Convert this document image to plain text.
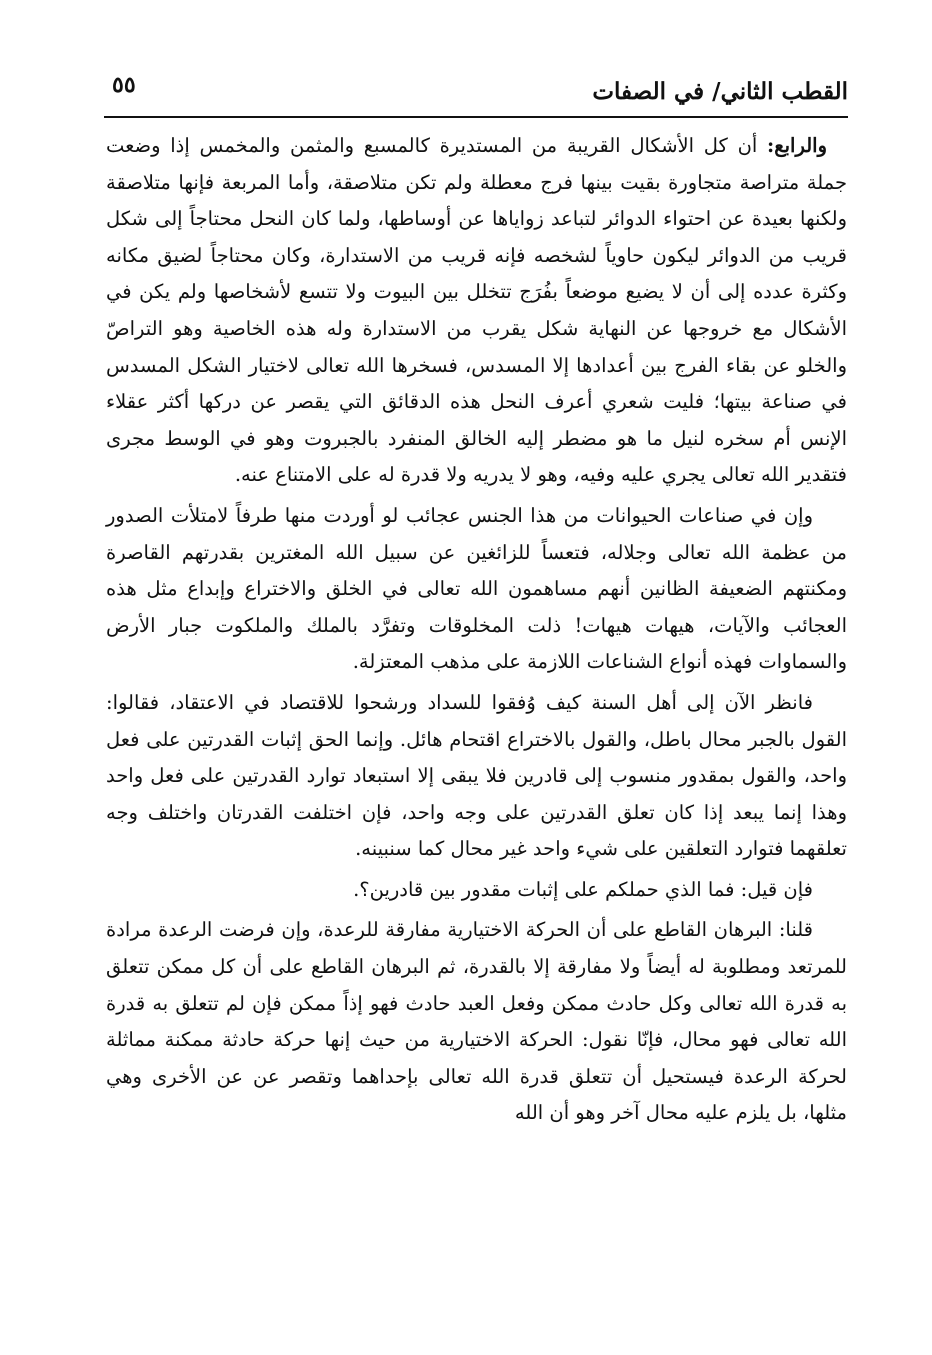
القطب الثاني/ في الصفات
٥٥

والرابع: أن كل الأشكال القريبة من المستديرة كالمسبع والمثمن والمخمس إذا وضعت جملة متراصة متجاورة بقيت بينها فرج معطلة ولم تكن متلاصقة، وأما المربعة فإنها متلاصقة ولكنها بعيدة عن احتواء الدوائر لتباعد زواياها عن أوساطها، ولما كان النحل محتاجاً إلى شكل قريب من الدوائر ليكون حاوياً لشخصه فإنه قريب من الاستدارة، وكان محتاجاً لضيق مكانه وكثرة عدده إلى أن لا يضيع موضعاً بفُرَج تتخلل بين البيوت ولا تتسع لأشخاصها ولم يكن في الأشكال مع خروجها عن النهاية شكل يقرب من الاستدارة وله هذه الخاصية وهو التراصّ والخلو عن بقاء الفرج بين أعدادها إلا المسدس، فسخرها الله تعالى لاختيار الشكل المسدس في صناعة بيتها؛ فليت شعري أعرف النحل هذه الدقائق التي يقصر عن دركها أكثر عقلاء الإنس أم سخره لنيل ما هو مضطر إليه الخالق المنفرد بالجبروت وهو في الوسط مجرى فتقدير الله تعالى يجري عليه وفيه، وهو لا يدريه ولا قدرة له على الامتناع عنه.

وإن في صناعات الحيوانات من هذا الجنس عجائب لو أوردت منها طرفاً لامتلأت الصدور من عظمة الله تعالى وجلاله، فتعساً للزائغين عن سبيل الله المغترين بقدرتهم القاصرة ومكنتهم الضعيفة الظانين أنهم مساهمون الله تعالى في الخلق والاختراع وإبداع مثل هذه العجائب والآيات، هيهات هيهات! ذلت المخلوقات وتفرَّد بالملك والملكوت جبار الأرض والسماوات فهذه أنواع الشناعات اللازمة على مذهب المعتزلة.

فانظر الآن إلى أهل السنة كيف وُفقوا للسداد ورشحوا للاقتصاد في الاعتقاد، فقالوا: القول بالجبر محال باطل، والقول بالاختراع اقتحام هائل. وإنما الحق إثبات القدرتين على فعل واحد، والقول بمقدور منسوب إلى قادرين فلا يبقى إلا استبعاد توارد القدرتين على فعل واحد وهذا إنما يبعد إذا كان تعلق القدرتين على وجه واحد، فإن اختلفت القدرتان واختلف وجه تعلقهما فتوارد التعلقين على شيء واحد غير محال كما سنبينه.

فإن قيل: فما الذي حملكم على إثبات مقدور بين قادرين؟.

قلنا: البرهان القاطع على أن الحركة الاختيارية مفارقة للرعدة، وإن فرضت الرعدة مرادة للمرتعد ومطلوبة له أيضاً ولا مفارقة إلا بالقدرة، ثم البرهان القاطع على أن كل ممكن تتعلق به قدرة الله تعالى وكل حادث ممكن وفعل العبد حادث فهو إذاً ممكن فإن لم تتعلق به قدرة الله تعالى فهو محال، فإنّا نقول: الحركة الاختيارية من حيث إنها حركة حادثة ممكنة مماثلة لحركة الرعدة فيستحيل أن تتعلق قدرة الله تعالى بإحداهما وتقصر عن عن الأخرى وهي مثلها، بل يلزم عليه محال آخر وهو أن الله
